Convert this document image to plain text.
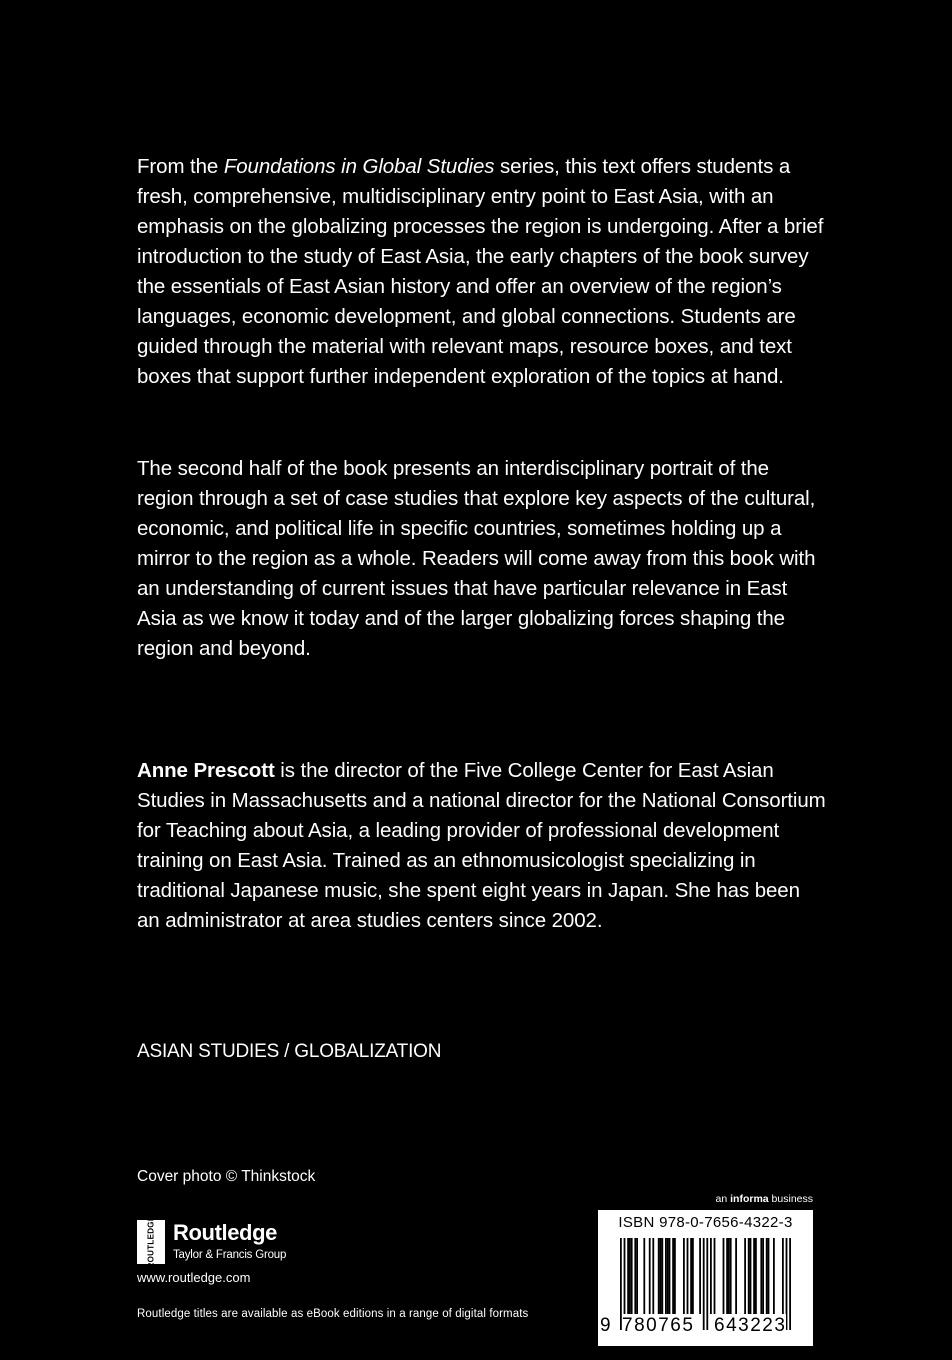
From the Foundations in Global Studies series, this text offers students a fresh, comprehensive, multidisciplinary entry point to East Asia, with an emphasis on the globalizing processes the region is undergoing. After a brief introduction to the study of East Asia, the early chapters of the book survey the essentials of East Asian history and offer an overview of the region’s languages, economic development, and global connections. Students are guided through the material with relevant maps, resource boxes, and text boxes that support further independent exploration of the topics at hand.

The second half of the book presents an interdisciplinary portrait of the region through a set of case studies that explore key aspects of the cultural, economic, and political life in specific countries, sometimes holding up a mirror to the region as a whole. Readers will come away from this book with an understanding of current issues that have particular relevance in East Asia as we know it today and of the larger globalizing forces shaping the region and beyond.

Anne Prescott is the director of the Five College Center for East Asian Studies in Massachusetts and a national director for the National Consortium for Teaching about Asia, a leading provider of professional development training on East Asia. Trained as an ethnomusicologist specializing in traditional Japanese music, she spent eight years in Japan. She has been an administrator at area studies centers since 2002.

ASIAN STUDIES / GLOBALIZATION
Cover photo © Thinkstock
ROUTLEDGE Routledge
Taylor & Francis Group
www.routledge.com
Routledge titles are available as eBook editions in a range of digital formats
an informa business
ISBN 978-0-7656-4322-3
9 780765 643223
